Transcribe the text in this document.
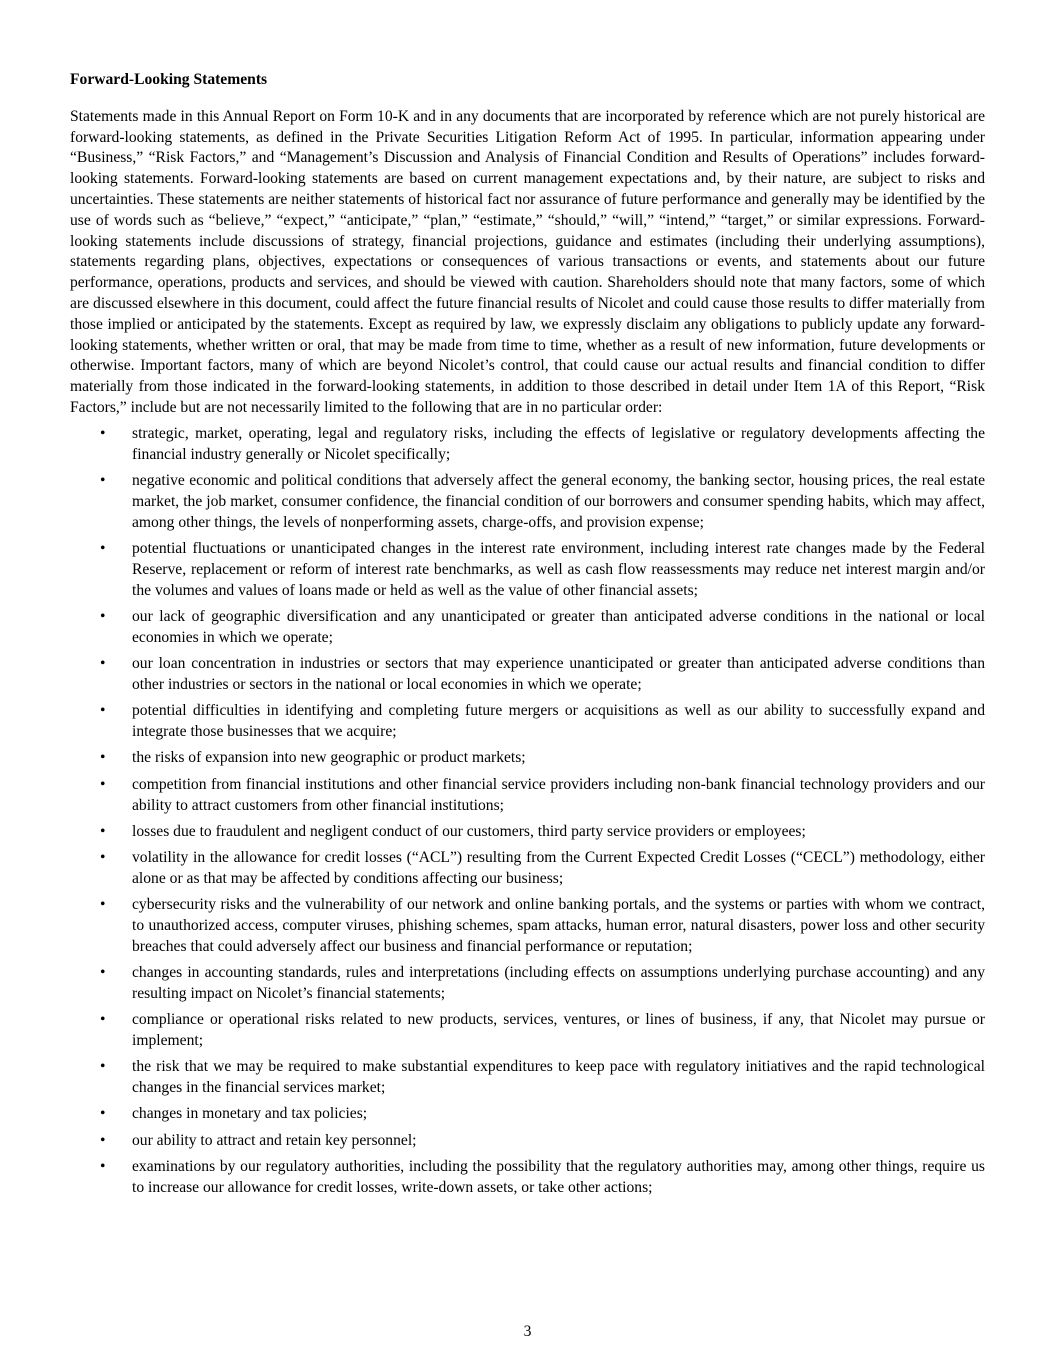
Forward-Looking Statements

Statements made in this Annual Report on Form 10-K and in any documents that are incorporated by reference which are not purely historical are forward-looking statements, as defined in the Private Securities Litigation Reform Act of 1995. In particular, information appearing under “Business,” “Risk Factors,” and “Management’s Discussion and Analysis of Financial Condition and Results of Operations” includes forward-looking statements. Forward-looking statements are based on current management expectations and, by their nature, are subject to risks and uncertainties. These statements are neither statements of historical fact nor assurance of future performance and generally may be identified by the use of words such as “believe,” “expect,” “anticipate,” “plan,” “estimate,” “should,” “will,” “intend,” “target,” or similar expressions. Forward-looking statements include discussions of strategy, financial projections, guidance and estimates (including their underlying assumptions), statements regarding plans, objectives, expectations or consequences of various transactions or events, and statements about our future performance, operations, products and services, and should be viewed with caution. Shareholders should note that many factors, some of which are discussed elsewhere in this document, could affect the future financial results of Nicolet and could cause those results to differ materially from those implied or anticipated by the statements. Except as required by law, we expressly disclaim any obligations to publicly update any forward-looking statements, whether written or oral, that may be made from time to time, whether as a result of new information, future developments or otherwise. Important factors, many of which are beyond Nicolet’s control, that could cause our actual results and financial condition to differ materially from those indicated in the forward-looking statements, in addition to those described in detail under Item 1A of this Report, “Risk Factors,” include but are not necessarily limited to the following that are in no particular order:

• strategic, market, operating, legal and regulatory risks, including the effects of legislative or regulatory developments affecting the financial industry generally or Nicolet specifically;
• negative economic and political conditions that adversely affect the general economy, the banking sector, housing prices, the real estate market, the job market, consumer confidence, the financial condition of our borrowers and consumer spending habits, which may affect, among other things, the levels of nonperforming assets, charge-offs, and provision expense;
• potential fluctuations or unanticipated changes in the interest rate environment, including interest rate changes made by the Federal Reserve, replacement or reform of interest rate benchmarks, as well as cash flow reassessments may reduce net interest margin and/or the volumes and values of loans made or held as well as the value of other financial assets;
• our lack of geographic diversification and any unanticipated or greater than anticipated adverse conditions in the national or local economies in which we operate;
• our loan concentration in industries or sectors that may experience unanticipated or greater than anticipated adverse conditions than other industries or sectors in the national or local economies in which we operate;
• potential difficulties in identifying and completing future mergers or acquisitions as well as our ability to successfully expand and integrate those businesses that we acquire;
• the risks of expansion into new geographic or product markets;
• competition from financial institutions and other financial service providers including non-bank financial technology providers and our ability to attract customers from other financial institutions;
• losses due to fraudulent and negligent conduct of our customers, third party service providers or employees;
• volatility in the allowance for credit losses (“ACL”) resulting from the Current Expected Credit Losses (“CECL”) methodology, either alone or as that may be affected by conditions affecting our business;
• cybersecurity risks and the vulnerability of our network and online banking portals, and the systems or parties with whom we contract, to unauthorized access, computer viruses, phishing schemes, spam attacks, human error, natural disasters, power loss and other security breaches that could adversely affect our business and financial performance or reputation;
• changes in accounting standards, rules and interpretations (including effects on assumptions underlying purchase accounting) and any resulting impact on Nicolet’s financial statements;
• compliance or operational risks related to new products, services, ventures, or lines of business, if any, that Nicolet may pursue or implement;
• the risk that we may be required to make substantial expenditures to keep pace with regulatory initiatives and the rapid technological changes in the financial services market;
• changes in monetary and tax policies;
• our ability to attract and retain key personnel;
• examinations by our regulatory authorities, including the possibility that the regulatory authorities may, among other things, require us to increase our allowance for credit losses, write-down assets, or take other actions;
3
